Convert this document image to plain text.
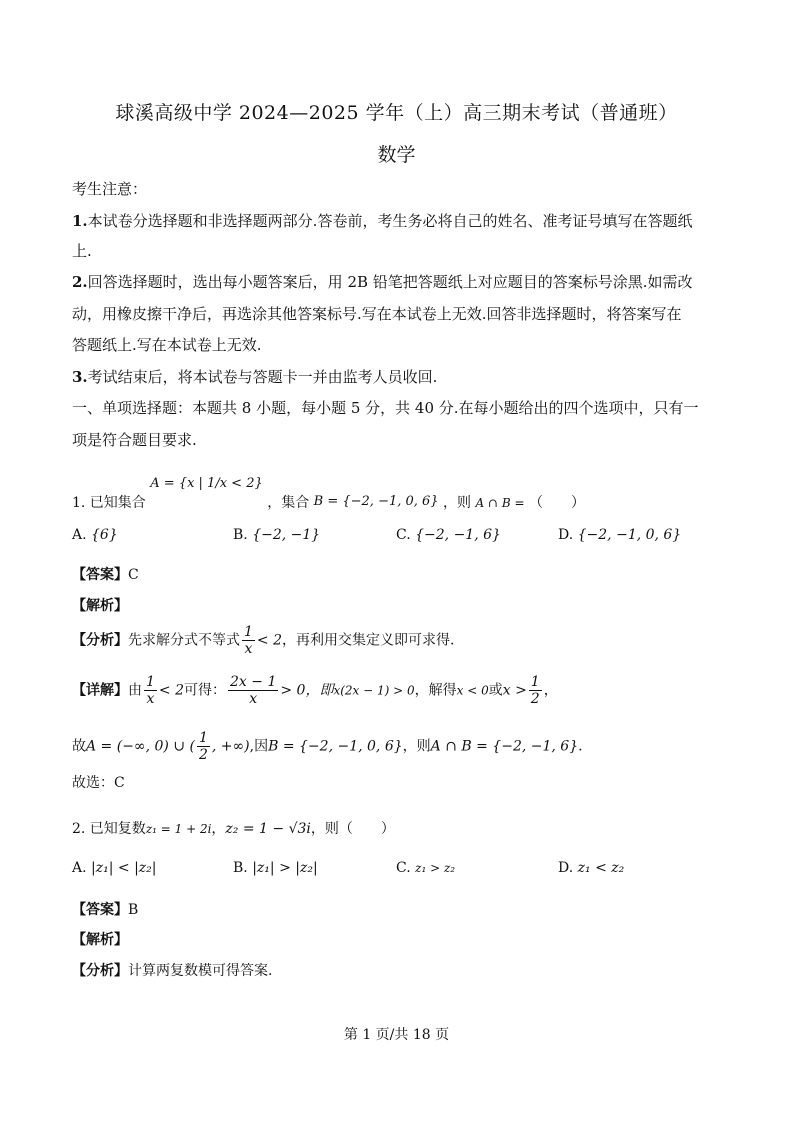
球溪高级中学 2024—2025 学年（上）高三期末考试（普通班）
数学
考生注意：
1.本试卷分选择题和非选择题两部分.答卷前，考生务必将自己的姓名、准考证号填写在答题纸
上.
2.回答选择题时，选出每小题答案后，用 2B 铅笔把答题纸上对应题目的答案标号涂黑.如需改
动，用橡皮擦干净后，再选涂其他答案标号.写在本试卷上无效.回答非选择题时，将答案写在
答题纸上.写在本试卷上无效.
3.考试结束后，将本试卷与答题卡一并由监考人员收回.
一、单项选择题：本题共 8 小题，每小题 5 分，共 40 分.在每小题给出的四个选项中，只有一
项是符合题目要求.
1. 已知集合 A = {x | 1/x < 2} ，集合 B = {−2, −1, 0, 6} ，则 A ∩ B = （　　）
A. {6}	B. {−2, −1}	C. {−2, −1, 6}	D. {−2, −1, 0, 6}
【答案】C
【解析】
【分析】先求解分式不等式 $\frac{1}{x} < 2$，再利用交集定义即可求得.
【详解】由 $\frac{1}{x} < 2$可得： $\frac{2x - 1}{x} > 0$，即x(2x − 1) > 0，解得x < 0或$x > \frac{1}{2}$ ，
故A = (−∞, 0) ∪ ( $\frac{1}{2}$ , +∞),因B = {−2, −1, 0, 6}，则A ∩ B = {−2, −1, 6}.
故选：C
2. 已知复数z₁ = 1 + 2i，z₂ = 1 − √3i，则（　　）
A. |z₁| < |z₂|	B. |z₁| > |z₂|	C. z₁ > z₂	D. z₁ < z₂
【答案】B
【解析】
【分析】计算两复数模可得答案.
第 1 页/共 18 页
